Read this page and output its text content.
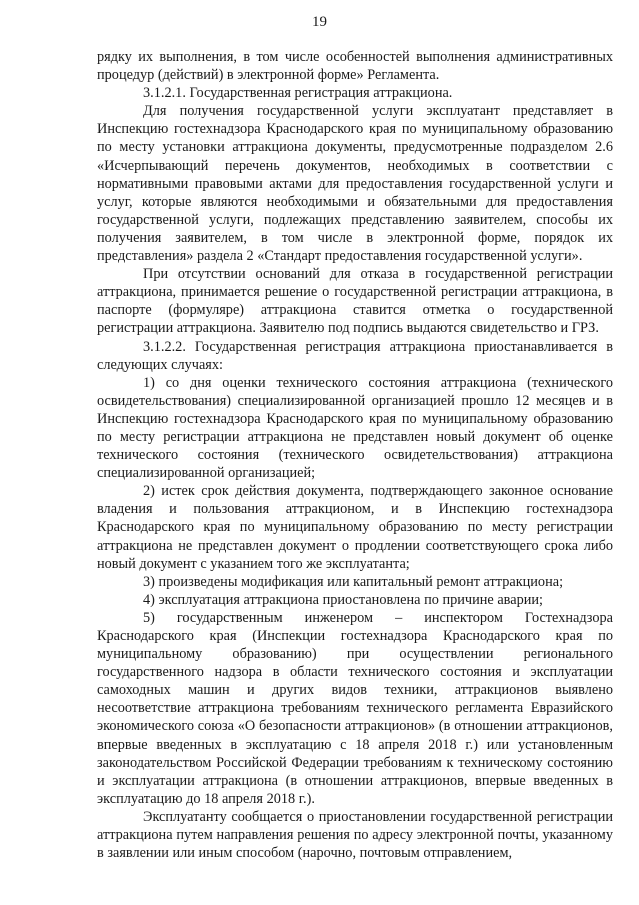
19

рядку их выполнения, в том числе особенностей выполнения административных процедур (действий) в электронной форме» Регламента.

3.1.2.1. Государственная регистрация аттракциона.

Для получения государственной услуги эксплуатант представляет в Инспекцию гостехнадзора Краснодарского края по муниципальному образованию по месту установки аттракциона документы, предусмотренные подразделом 2.6 «Исчерпывающий перечень документов, необходимых в соответствии с нормативными правовыми актами для предоставления государственной услуги и услуг, которые являются необходимыми и обязательными для предоставления государственной услуги, подлежащих представлению заявителем, способы их получения заявителем, в том числе в электронной форме, порядок их представления» раздела 2 «Стандарт предоставления государственной услуги».

При отсутствии оснований для отказа в государственной регистрации аттракциона, принимается решение о государственной регистрации аттракциона, в паспорте (формуляре) аттракциона ставится отметка о государственной регистрации аттракциона. Заявителю под подпись выдаются свидетельство и ГРЗ.

3.1.2.2. Государственная регистрация аттракциона приостанавливается в следующих случаях:

1) со дня оценки технического состояния аттракциона (технического освидетельствования) специализированной организацией прошло 12 месяцев и в Инспекцию гостехнадзора Краснодарского края по муниципальному образованию по месту регистрации аттракциона не представлен новый документ об оценке технического состояния (технического освидетельствования) аттракциона специализированной организацией;

2) истек срок действия документа, подтверждающего законное основание владения и пользования аттракционом, и в Инспекцию гостехнадзора Краснодарского края по муниципальному образованию по месту регистрации аттракциона не представлен документ о продлении соответствующего срока либо новый документ с указанием того же эксплуатанта;

3) произведены модификация или капитальный ремонт аттракциона;

4) эксплуатация аттракциона приостановлена по причине аварии;

5) государственным инженером – инспектором Гостехнадзора Краснодарского края (Инспекции гостехнадзора Краснодарского края по муниципальному образованию) при осуществлении регионального государственного надзора в области технического состояния и эксплуатации самоходных машин и других видов техники, аттракционов выявлено несоответствие аттракциона требованиям технического регламента Евразийского экономического союза «О безопасности аттракционов» (в отношении аттракционов, впервые введенных в эксплуатацию с 18 апреля 2018 г.) или установленным законодательством Российской Федерации требованиям к техническому состоянию и эксплуатации аттракциона (в отношении аттракционов, впервые введенных в эксплуатацию до 18 апреля 2018 г.).

Эксплуатанту сообщается о приостановлении государственной регистрации аттракциона путем направления решения по адресу электронной почты, указанному в заявлении или иным способом (нарочно, почтовым отправлением,
